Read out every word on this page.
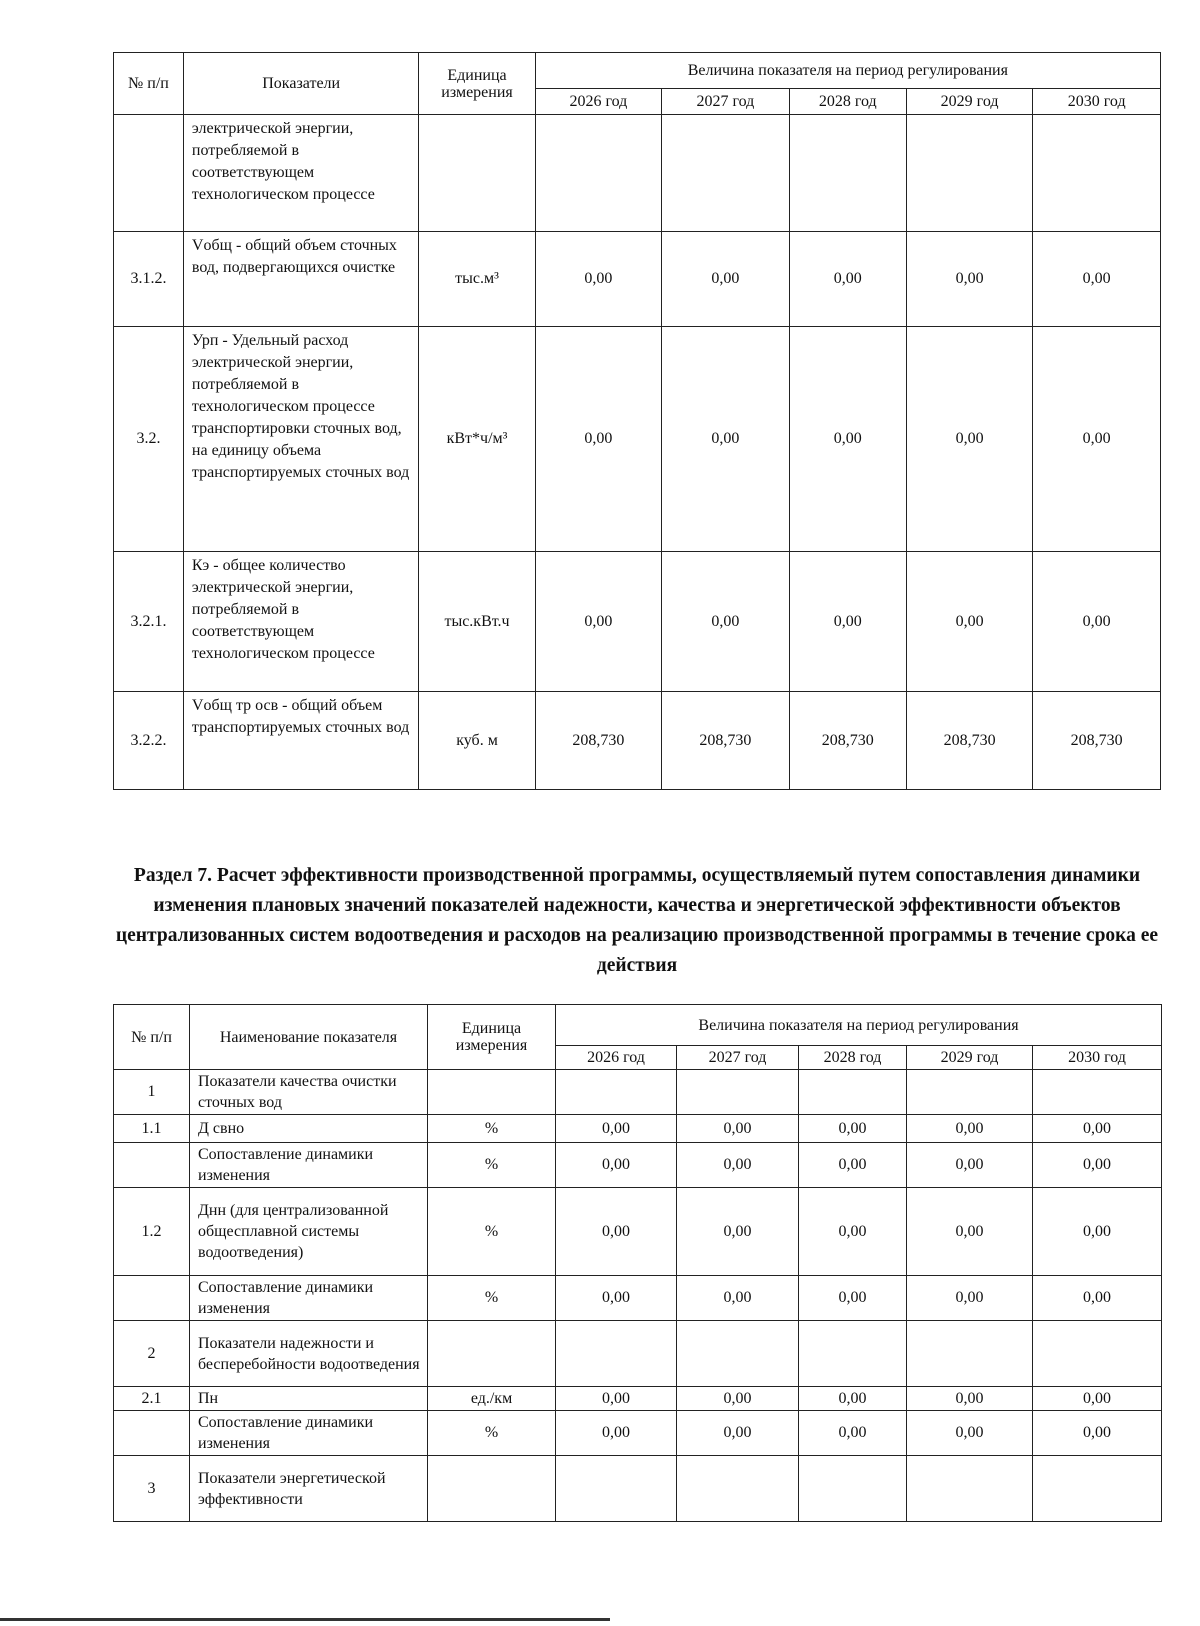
№ п/п	Показатели	Единица измерения	Величина показателя на период регулирования				
			2026 год	2027 год	2028 год	2029 год	2030 год
	электрической энергии, потребляемой в соответствующем технологическом процессе						
3.1.2.	Vобщ - общий объем сточных вод, подвергающихся очистке	тыс.м³	0,00	0,00	0,00	0,00	0,00
3.2.	Урп - Удельный расход электрической энергии, потребляемой в технологическом процессе транспортировки сточных вод, на единицу объема транспортируемых сточных вод	кВт*ч/м³	0,00	0,00	0,00	0,00	0,00
3.2.1.	Кэ - общее количество электрической энергии, потребляемой в соответствующем технологическом процессе	тыс.кВт.ч	0,00	0,00	0,00	0,00	0,00
3.2.2.	Vобщ тр осв - общий объем транспортируемых сточных вод	куб. м	208,730	208,730	208,730	208,730	208,730
Раздел 7. Расчет эффективности производственной программы, осуществляемый путем сопоставления динамики изменения плановых значений показателей надежности, качества и энергетической эффективности объектов централизованных систем водоотведения и расходов на реализацию производственной программы в течение срока ее действия
№ п/п	Наименование показателя	Единица измерения	Величина показателя на период регулирования				
			2026 год	2027 год	2028 год	2029 год	2030 год
1	Показатели качества очистки сточных вод						
1.1	Д свно	%	0,00	0,00	0,00	0,00	0,00
	Сопоставление динамики изменения	%	0,00	0,00	0,00	0,00	0,00
1.2	Днн (для централизованной общесплавной системы водоотведения)	%	0,00	0,00	0,00	0,00	0,00
	Сопоставление динамики изменения	%	0,00	0,00	0,00	0,00	0,00
2	Показатели надежности и бесперебойности водоотведения						
2.1	Пн	ед./км	0,00	0,00	0,00	0,00	0,00
	Сопоставление динамики изменения	%	0,00	0,00	0,00	0,00	0,00
3	Показатели энергетической эффективности						
